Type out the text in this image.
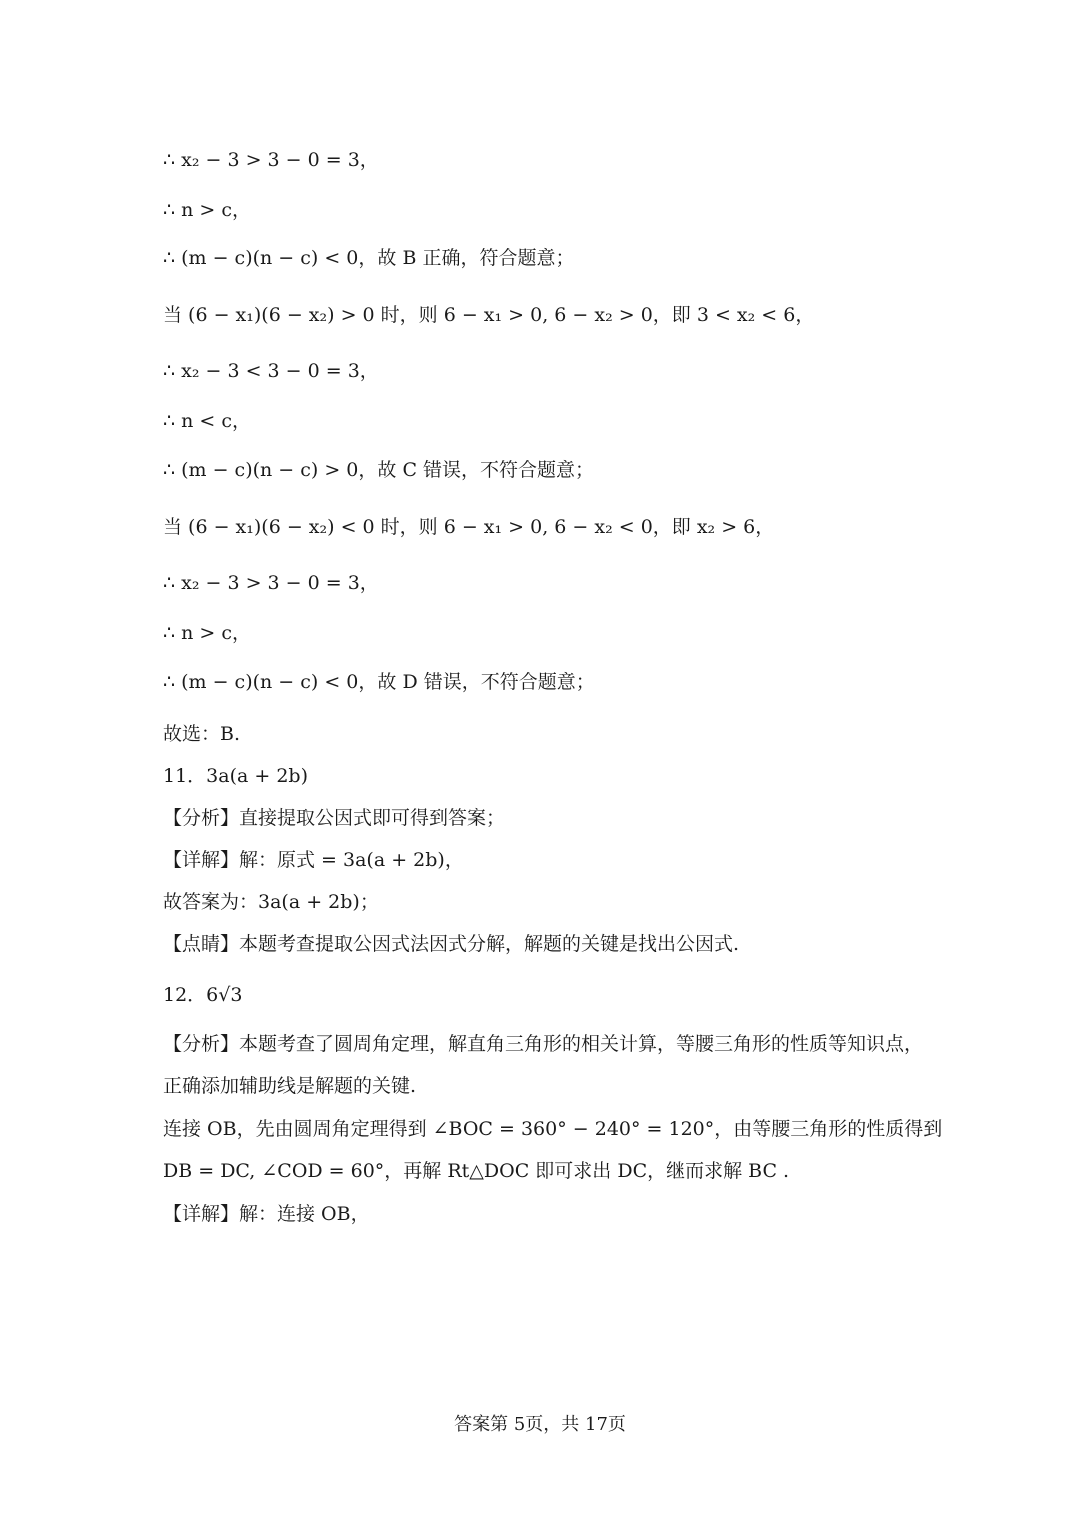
∴ x₂ − 3 > 3 − 0 = 3，
∴ n > c，
∴ (m − c)(n − c) < 0，故 B 正确，符合题意；
当 (6 − x₁)(6 − x₂) > 0 时，则 6 − x₁ > 0, 6 − x₂ > 0，即 3 < x₂ < 6，
∴ x₂ − 3 < 3 − 0 = 3，
∴ n < c，
∴ (m − c)(n − c) > 0，故 C 错误，不符合题意；
当 (6 − x₁)(6 − x₂) < 0 时，则 6 − x₁ > 0, 6 − x₂ < 0，即 x₂ > 6，
∴ x₂ − 3 > 3 − 0 = 3，
∴ n > c，
∴ (m − c)(n − c) < 0，故 D 错误，不符合题意；
故选：B.
11．3a(a + 2b)
【分析】直接提取公因式即可得到答案；
【详解】解：原式 = 3a(a + 2b)，
故答案为：3a(a + 2b)；
【点睛】本题考查提取公因式法因式分解，解题的关键是找出公因式.
12．6√3
【分析】本题考查了圆周角定理，解直角三角形的相关计算，等腰三角形的性质等知识点，
正确添加辅助线是解题的关键.
连接 OB，先由圆周角定理得到 ∠BOC = 360° − 240° = 120°，由等腰三角形的性质得到
DB = DC, ∠COD = 60°，再解 Rt△DOC 即可求出 DC，继而求解 BC .
【详解】解：连接 OB，
答案第 5页，共 17页
